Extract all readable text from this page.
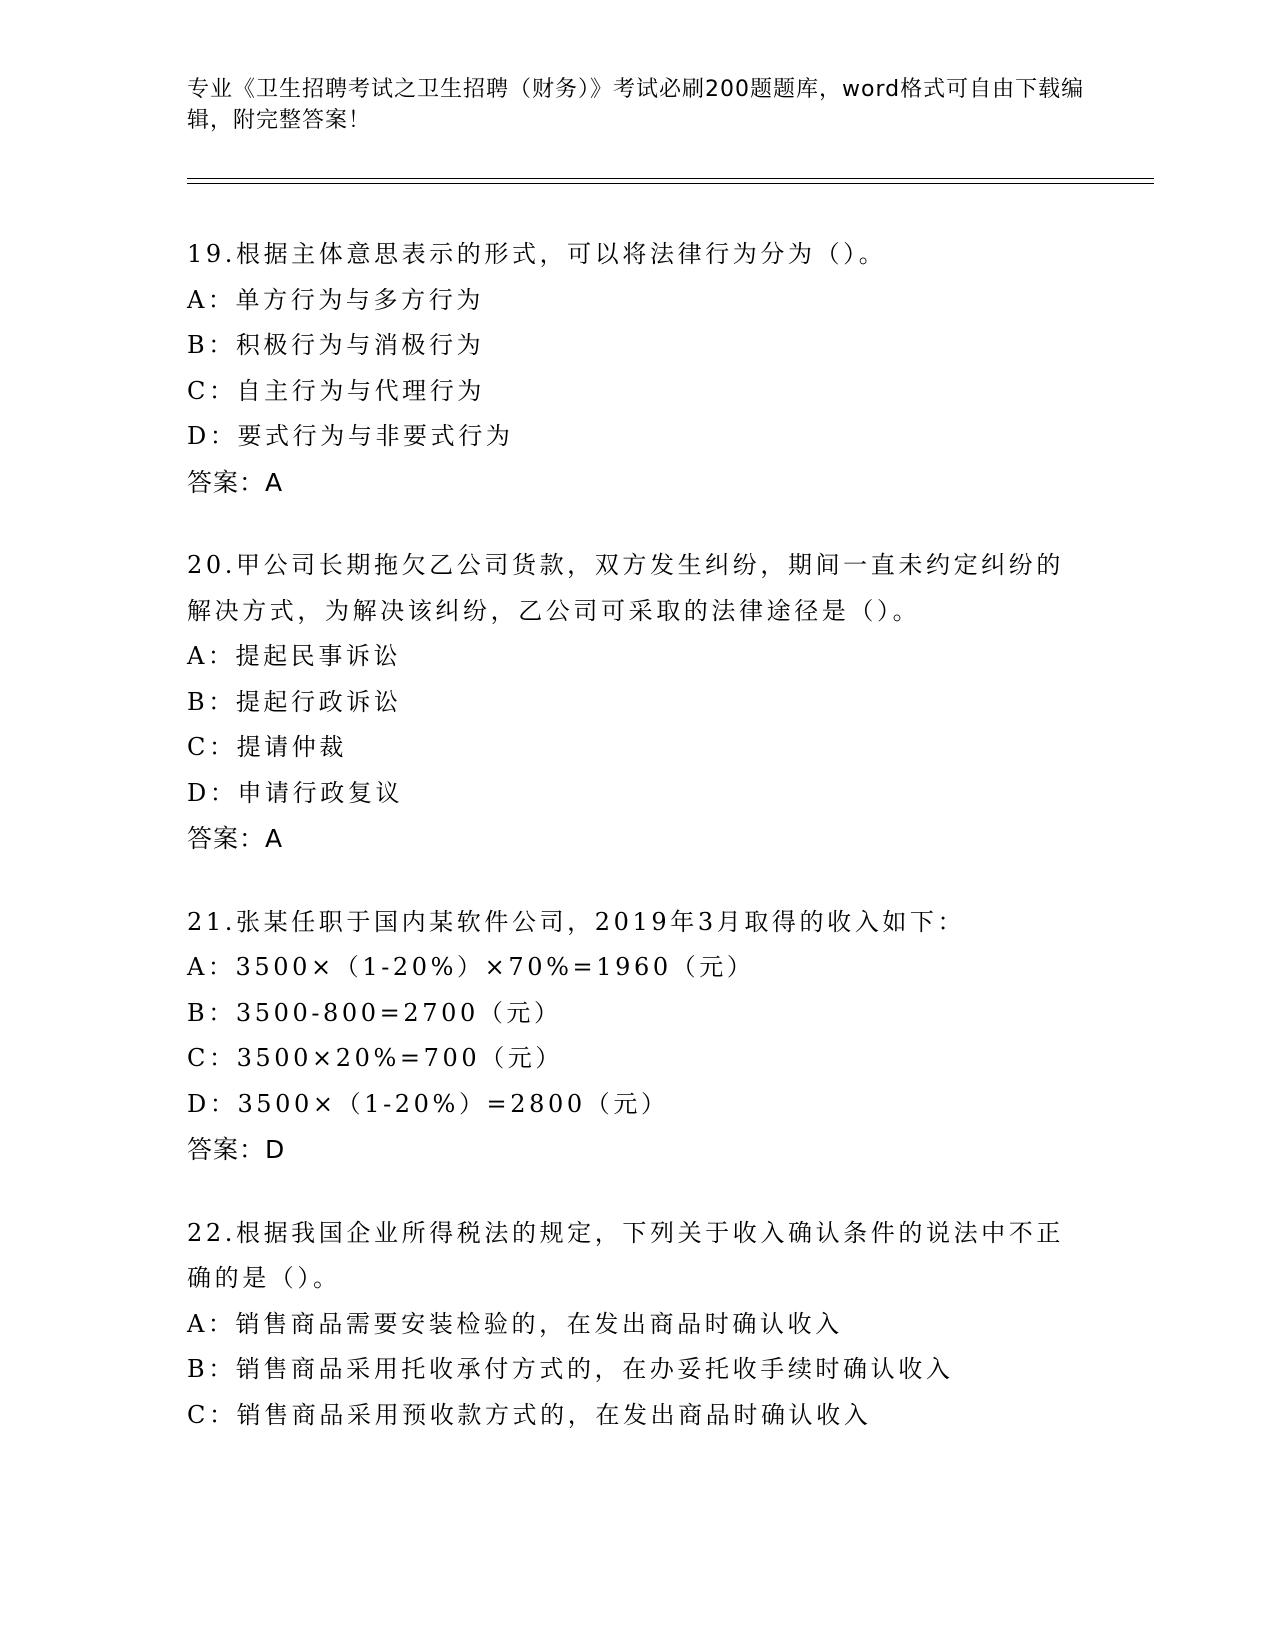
专业《卫生招聘考试之卫生招聘（财务）》考试必刷200题题库，word格式可自由下载编辑，附完整答案！
19.根据主体意思表示的形式，可以将法律行为分为（）。
A：单方行为与多方行为
B：积极行为与消极行为
C：自主行为与代理行为
D：要式行为与非要式行为
答案：A
20.甲公司长期拖欠乙公司货款，双方发生纠纷，期间一直未约定纠纷的解决方式，为解决该纠纷，乙公司可采取的法律途径是（）。
A：提起民事诉讼
B：提起行政诉讼
C：提请仲裁
D：申请行政复议
答案：A
21.张某任职于国内某软件公司，2019年3月取得的收入如下：
A：3500×（1-20%）×70%=1960（元）
B：3500-800=2700（元）
C：3500×20%=700（元）
D：3500×（1-20%）=2800（元）
答案：D
22.根据我国企业所得税法的规定，下列关于收入确认条件的说法中不正确的是（）。
A：销售商品需要安装检验的，在发出商品时确认收入
B：销售商品采用托收承付方式的，在办妥托收手续时确认收入
C：销售商品采用预收款方式的，在发出商品时确认收入
